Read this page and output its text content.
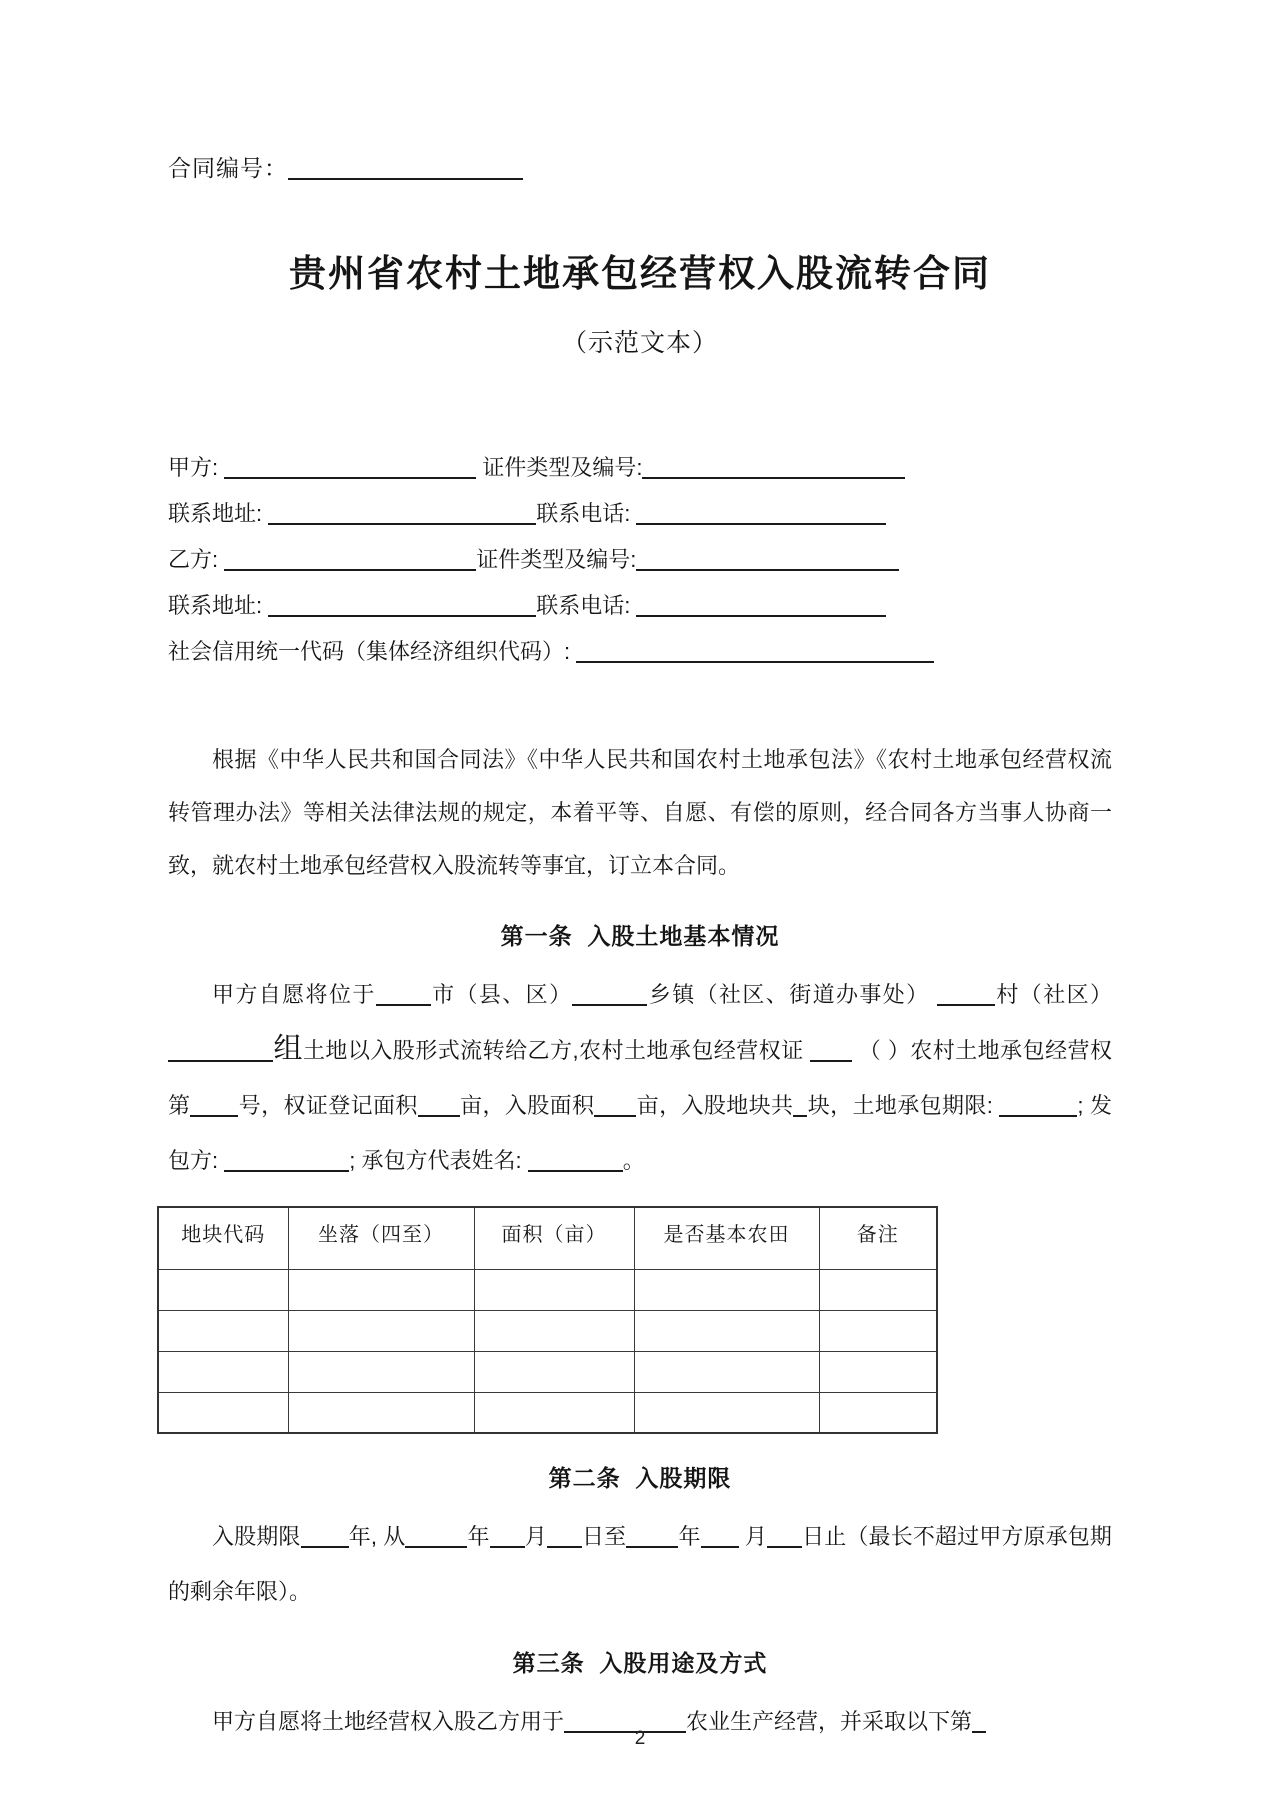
合同编号：
贵州省农村土地承包经营权入股流转合同
（示范文本）
甲方:	证件类型及编号:
联系地址:	联系电话:
乙方:	证件类型及编号:
联系地址:	联系电话:
社会信用统一代码（集体经济组织代码）:
根据《中华人民共和国合同法》《中华人民共和国农村土地承包法》《农村土地承包经营权流转管理办法》等相关法律法规的规定，本着平等、自愿、有偿的原则，经合同各方当事人协商一致，就农村土地承包经营权入股流转等事宜，订立本合同。
第一条  入股土地基本情况
甲方自愿将位于	市（县、区）	乡镇（社区、街道办事处）	村（社区） 组土地以入股形式流转给乙方,农村土地承包经营权证  （ ）农村土地承包经营权第 号，权证登记面积 亩，入股面积 亩，入股地块共 块，土地承包期限:	; 发包方:	; 承包方代表姓名:	。
地块代码	坐落（四至）	面积（亩）	是否基本农田	备注

第二条  入股期限
入股期限 年, 从	年 月 日至 年 月 日止（最长不超过甲方原承包期的剩余年限）。
第三条  入股用途及方式
甲方自愿将土地经营权入股乙方用于	农业生产经营，并采取以下第
2
